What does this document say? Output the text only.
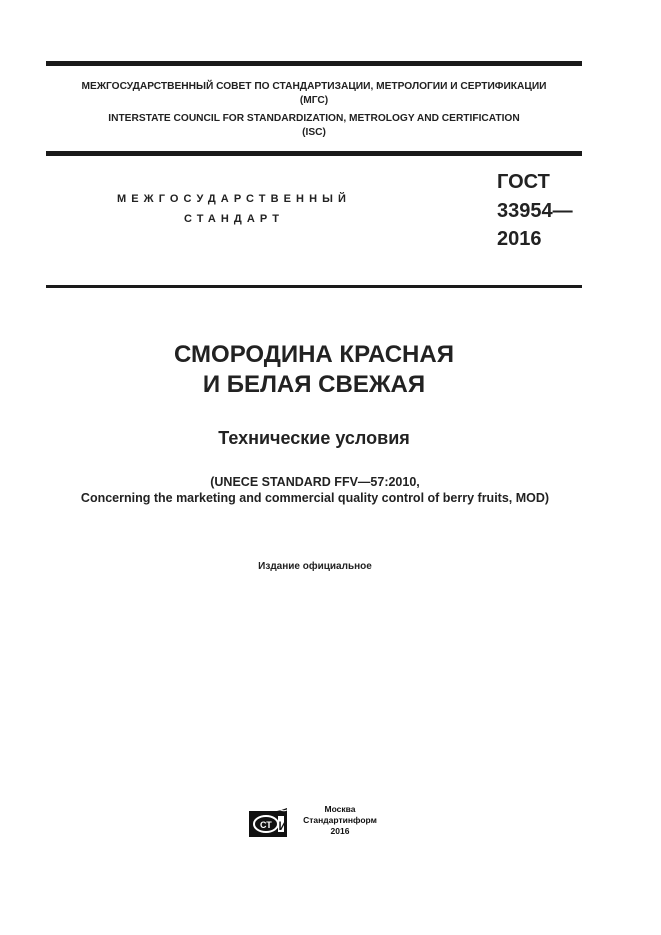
МЕЖГОСУДАРСТВЕННЫЙ СОВЕТ ПО СТАНДАРТИЗАЦИИ, МЕТРОЛОГИИ И СЕРТИФИКАЦИИ
(МГС)
INTERSTATE COUNCIL FOR STANDARDIZATION, METROLOGY AND CERTIFICATION
(ISC)
МЕЖГОСУДАРСТВЕННЫЙ
СТАНДАРТ
ГОСТ
33954—
2016
СМОРОДИНА КРАСНАЯ
И БЕЛАЯ СВЕЖАЯ
Технические условия
(UNECE STANDARD FFV—57:2010,
Concerning the marketing and commercial quality control of berry fruits, MOD)
Издание официальное
СТ И
Москва
Стандартинформ
2016
